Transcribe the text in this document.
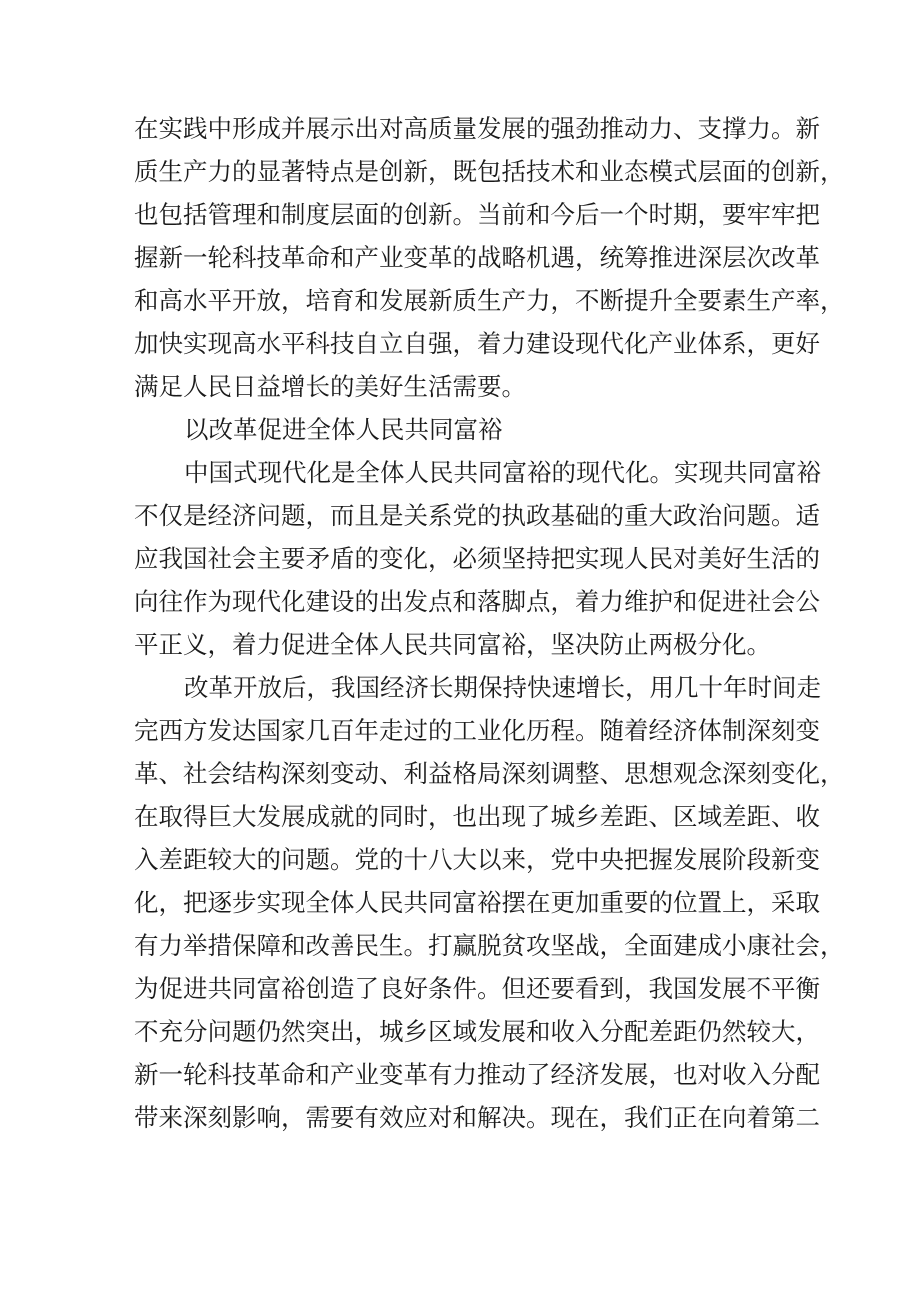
在实践中形成并展示出对高质量发展的强劲推动力、支撑力。新
质生产力的显著特点是创新，既包括技术和业态模式层面的创新，
也包括管理和制度层面的创新。当前和今后一个时期，要牢牢把
握新一轮科技革命和产业变革的战略机遇，统筹推进深层次改革
和高水平开放，培育和发展新质生产力，不断提升全要素生产率，
加快实现高水平科技自立自强，着力建设现代化产业体系，更好
满足人民日益增长的美好生活需要。
以改革促进全体人民共同富裕
中国式现代化是全体人民共同富裕的现代化。实现共同富裕
不仅是经济问题，而且是关系党的执政基础的重大政治问题。适
应我国社会主要矛盾的变化，必须坚持把实现人民对美好生活的
向往作为现代化建设的出发点和落脚点，着力维护和促进社会公
平正义，着力促进全体人民共同富裕，坚决防止两极分化。
改革开放后，我国经济长期保持快速增长，用几十年时间走
完西方发达国家几百年走过的工业化历程。随着经济体制深刻变
革、社会结构深刻变动、利益格局深刻调整、思想观念深刻变化，
在取得巨大发展成就的同时，也出现了城乡差距、区域差距、收
入差距较大的问题。党的十八大以来，党中央把握发展阶段新变
化，把逐步实现全体人民共同富裕摆在更加重要的位置上，采取
有力举措保障和改善民生。打赢脱贫攻坚战，全面建成小康社会，
为促进共同富裕创造了良好条件。但还要看到，我国发展不平衡
不充分问题仍然突出，城乡区域发展和收入分配差距仍然较大，
新一轮科技革命和产业变革有力推动了经济发展，也对收入分配
带来深刻影响，需要有效应对和解决。现在，我们正在向着第二
